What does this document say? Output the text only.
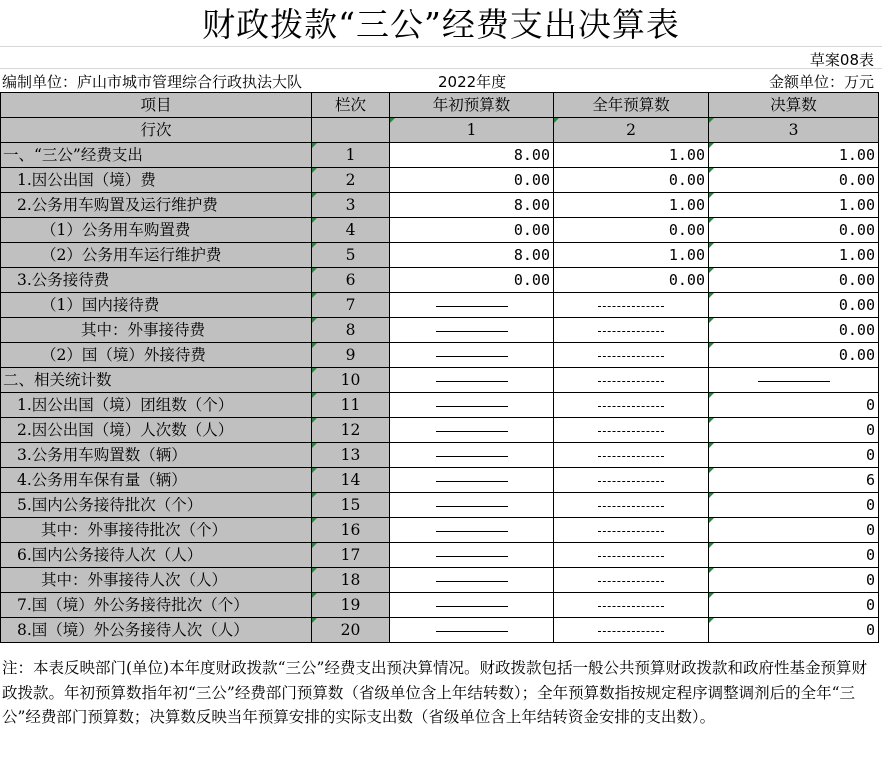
财政拨款“三公”经费支出决算表
草案08表
编制单位：庐山市城市管理综合行政执法大队	2022年度	金额单位：万元
项目	栏次	年初预算数	全年预算数	决算数
行次		1	2	3
一、“三公”经费支出	1	8.00	1.00	1.00
1.因公出国（境）费	2	0.00	0.00	0.00
2.公务用车购置及运行维护费	3	8.00	1.00	1.00
（1）公务用车购置费	4	0.00	0.00	0.00
（2）公务用车运行维护费	5	8.00	1.00	1.00
3.公务接待费	6	0.00	0.00	0.00
（1）国内接待费	7			0.00
其中：外事接待费	8			0.00
（2）国（境）外接待费	9			0.00
二、相关统计数	10			
1.因公出国（境）团组数（个）	11			0
2.因公出国（境）人次数（人）	12			0
3.公务用车购置数（辆）	13			0
4.公务用车保有量（辆）	14			6
5.国内公务接待批次（个）	15			0
其中：外事接待批次（个）	16			0
6.国内公务接待人次（人）	17			0
其中：外事接待人次（人）	18			0
7.国（境）外公务接待批次（个）	19			0
8.国（境）外公务接待人次（人）	20			0
注：本表反映部门(单位)本年度财政拨款“三公”经费支出预决算情况。财政拨款包括一般公共预算财政拨款和政府性基金预算财政拨款。年初预算数指年初“三公”经费部门预算数（省级单位含上年结转数）；全年预算数指按规定程序调整调剂后的全年“三公”经费部门预算数；决算数反映当年预算安排的实际支出数（省级单位含上年结转资金安排的支出数）。
